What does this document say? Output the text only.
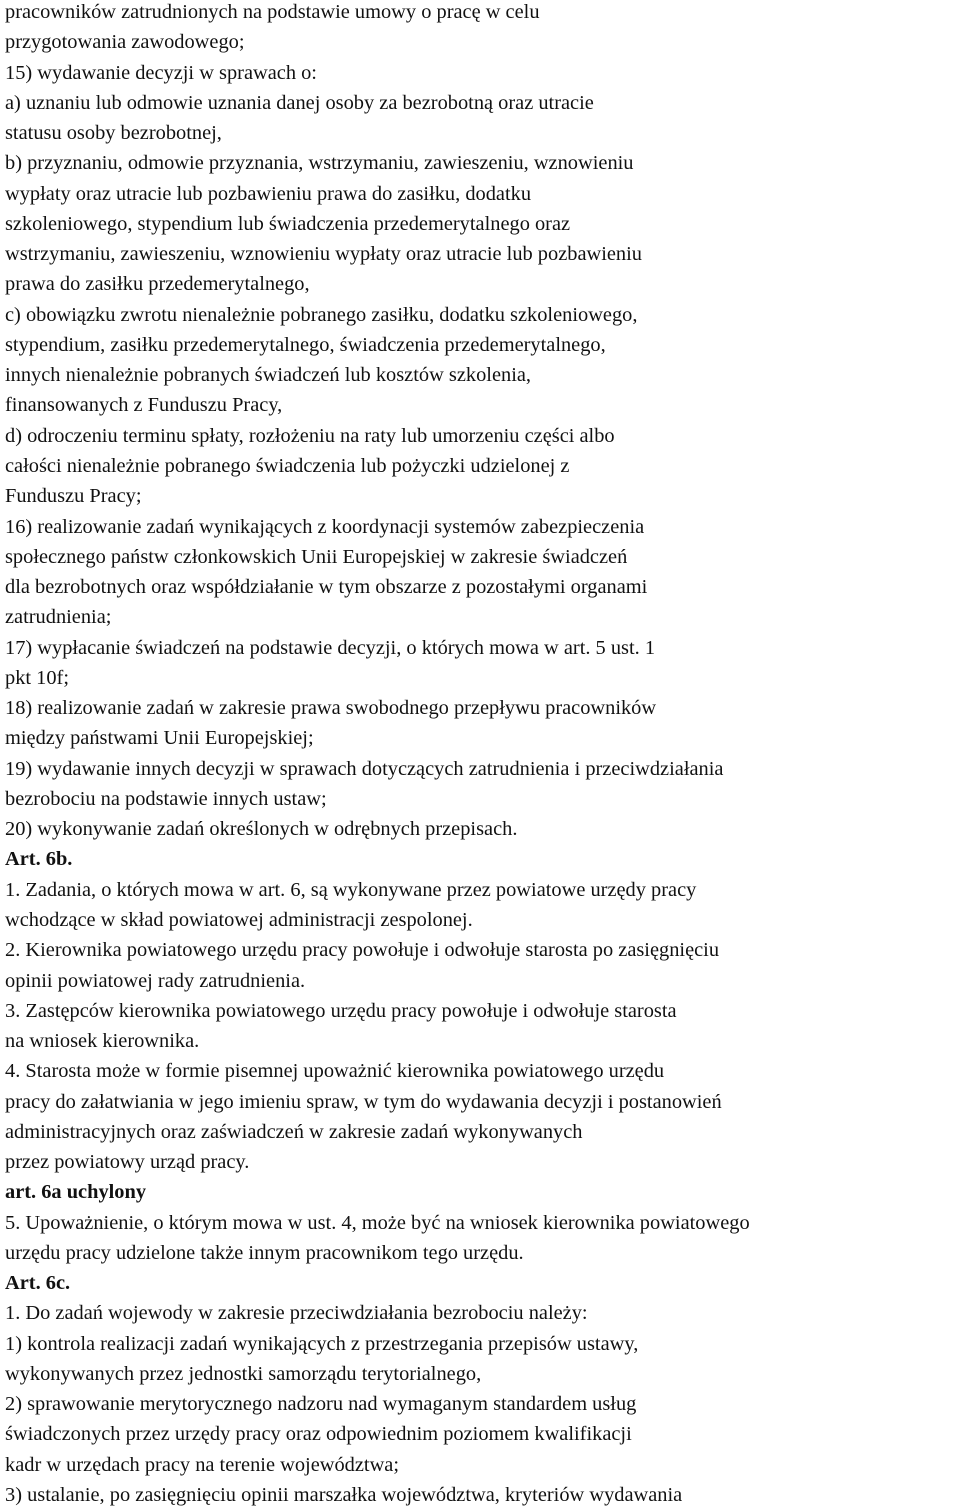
pracowników zatrudnionych na podstawie umowy o pracę w celu
przygotowania zawodowego;
15) wydawanie decyzji w sprawach o:
a) uznaniu lub odmowie uznania danej osoby za bezrobotną oraz utracie
statusu osoby bezrobotnej,
b) przyznaniu, odmowie przyznania, wstrzymaniu, zawieszeniu, wznowieniu
wypłaty oraz utracie lub pozbawieniu prawa do zasiłku, dodatku
szkoleniowego, stypendium lub świadczenia przedemerytalnego oraz
wstrzymaniu, zawieszeniu, wznowieniu wypłaty oraz utracie lub pozbawieniu
prawa do zasiłku przedemerytalnego,
c) obowiązku zwrotu nienależnie pobranego zasiłku, dodatku szkoleniowego,
stypendium, zasiłku przedemerytalnego, świadczenia przedemerytalnego,
innych nienależnie pobranych świadczeń lub kosztów szkolenia,
finansowanych z Funduszu Pracy,
d) odroczeniu terminu spłaty, rozłożeniu na raty lub umorzeniu części albo
całości nienależnie pobranego świadczenia lub pożyczki udzielonej z
Funduszu Pracy;
16) realizowanie zadań wynikających z koordynacji systemów zabezpieczenia
społecznego państw członkowskich Unii Europejskiej w zakresie świadczeń
dla bezrobotnych oraz współdziałanie w tym obszarze z pozostałymi organami
zatrudnienia;
17) wypłacanie świadczeń na podstawie decyzji, o których mowa w art. 5 ust. 1
pkt 10f;
18) realizowanie zadań w zakresie prawa swobodnego przepływu pracowników
między państwami Unii Europejskiej;
19) wydawanie innych decyzji w sprawach dotyczących zatrudnienia i przeciwdziałania
bezrobociu na podstawie innych ustaw;
20) wykonywanie zadań określonych w odrębnych przepisach.
Art. 6b.
1. Zadania, o których mowa w art. 6, są wykonywane przez powiatowe urzędy pracy
wchodzące w skład powiatowej administracji zespolonej.
2. Kierownika powiatowego urzędu pracy powołuje i odwołuje starosta po zasięgnięciu
opinii powiatowej rady zatrudnienia.
3. Zastępców kierownika powiatowego urzędu pracy powołuje i odwołuje starosta
na wniosek kierownika.
4. Starosta może w formie pisemnej upoważnić kierownika powiatowego urzędu
pracy do załatwiania w jego imieniu spraw, w tym do wydawania decyzji i postanowień
administracyjnych oraz zaświadczeń w zakresie zadań wykonywanych
przez powiatowy urząd pracy.
art. 6a uchylony
5. Upoważnienie, o którym mowa w ust. 4, może być na wniosek kierownika powiatowego
urzędu pracy udzielone także innym pracownikom tego urzędu.
Art. 6c.
1. Do zadań wojewody w zakresie przeciwdziałania bezrobociu należy:
1) kontrola realizacji zadań wynikających z przestrzegania przepisów ustawy,
wykonywanych przez jednostki samorządu terytorialnego,
2) sprawowanie merytorycznego nadzoru nad wymaganym standardem usług
świadczonych przez urzędy pracy oraz odpowiednim poziomem kwalifikacji
kadr w urzędach pracy na terenie województwa;
3) ustalanie, po zasięgnięciu opinii marszałka województwa, kryteriów wydawania
